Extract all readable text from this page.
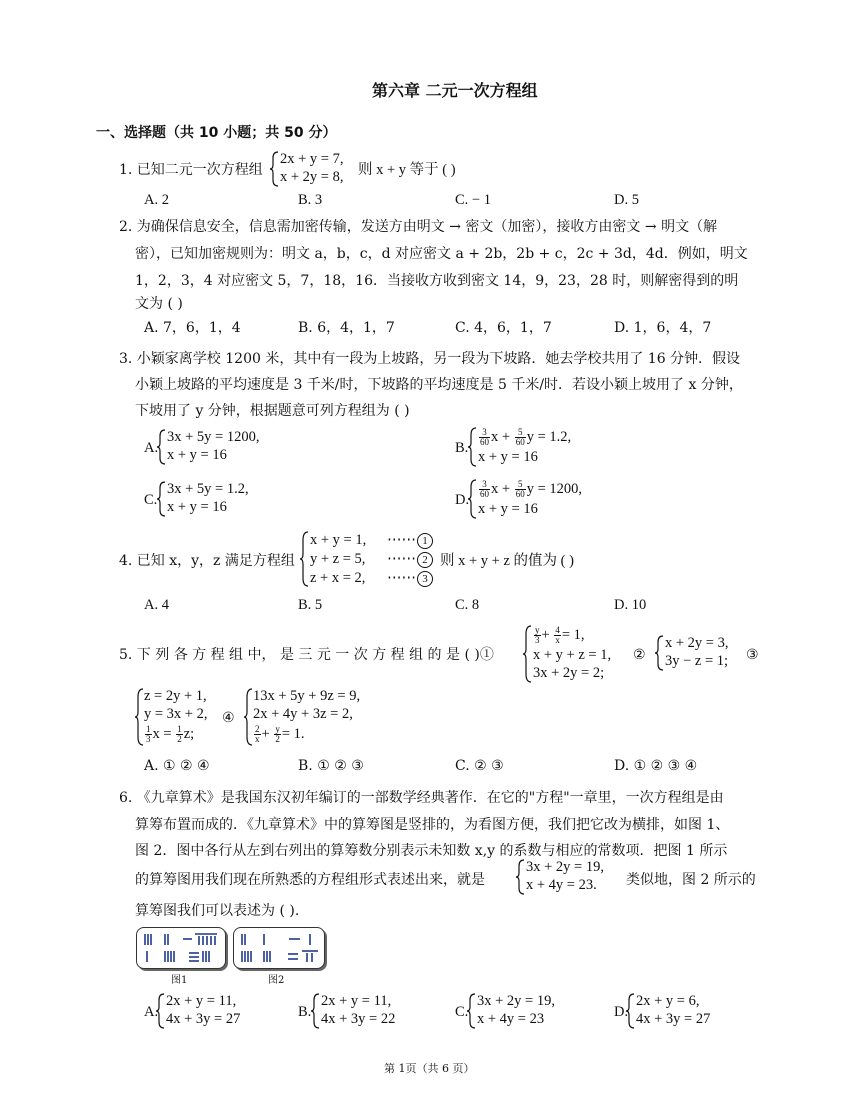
第六章 二元一次方程组
一、选择题（共 10 小题；共 50 分）
1. 已知二元一次方程组
2x + y = 7,
x + 2y = 8, 则 x + y 等于 ( )
A. 2	B. 3	C. − 1	D. 5
2. 为确保信息安全，信息需加密传输，发送方由明文 → 密文（加密），接收方由密文 → 明文（解
密），已知加密规则为：明文 a，b，c，d 对应密文 a + 2b，2b + c，2c + 3d，4d．例如，明文
1，2，3，4 对应密文 5，7，18，16．当接收方收到密文 14，9，23，28 时，则解密得到的明
文为 ( )
A. 7，6，1，4	B. 6，4，1，7	C. 4，6，1，7	D. 1，6，4，7
3. 小颖家离学校 1200 米，其中有一段为上坡路，另一段为下坡路．她去学校共用了 16 分钟．假设
小颖上坡路的平均速度是 3 千米/时，下坡路的平均速度是 5 千米/时．若设小颖上坡用了 x 分钟，
下坡用了 y 分钟，根据题意可列方程组为 ( )
A.
3x + 5y = 1200,
x + y = 16	B.
$\frac{3}{60}$ $x + \frac{5}{60}$ y = 1.2,
x + y = 16
C.
3x + 5y = 1.2,
x + y = 16	D.
$\frac{3}{60}$ $x + \frac{5}{60}$ y = 1200,
x + y = 16
4. 已知 x，y，z 满足方程组
x + y = 1, ⋯⋯ 1
y + z = 5, ⋯⋯ 2
z + x = 2, ⋯⋯ 3
则 x + y + z 的值为 ( )
A. 4	B. 5	C. 8	D. 10
5. 下 列 各 方 程 组 中， 是 三 元 一 次 方 程 组 的 是 ( )①
$\frac{y}{3} + \frac{4}{x} = 1$,
x + y + z = 1,
3x + 2y = 2;
②
x + 2y = 3,
3y − z = 1; ③
z = 2y + 1,
y = 3x + 2,
$\frac{1}{3}$ $x = \frac{1}{2} z$;
④
13x + 5y + 9z = 9,
2x + 4y + 3z = 2,
$\frac{2}{x} + \frac{y}{2} = 1$.
A. ① ② ④	B. ① ② ③	C. ② ③	D. ① ② ③ ④
6. 《九章算术》是我国东汉初年编订的一部数学经典著作．在它的"方程"一章里，一次方程组是由
算筹布置而成的．《九章算术》中的算筹图是竖排的，为看图方便，我们把它改为横排，如图 1、
图 2．图中各行从左到右列出的算筹数分别表示未知数 x,y 的系数与相应的常数项．把图 1 所示
的算筹图用我们现在所熟悉的方程组形式表述出来，就是
3x + 2y = 19,
x + 4y = 23.	类似地，图 2 所示的
算筹图我们可以表述为 ( ).
图1	图2
A.
2x + y = 11,
4x + 3y = 27	B.
2x + y = 11,
4x + 3y = 22	C.
3x + 2y = 19,
x + 4y = 23	D.
2x + y = 6,
4x + 3y = 27
第 1页（共 6 页）
